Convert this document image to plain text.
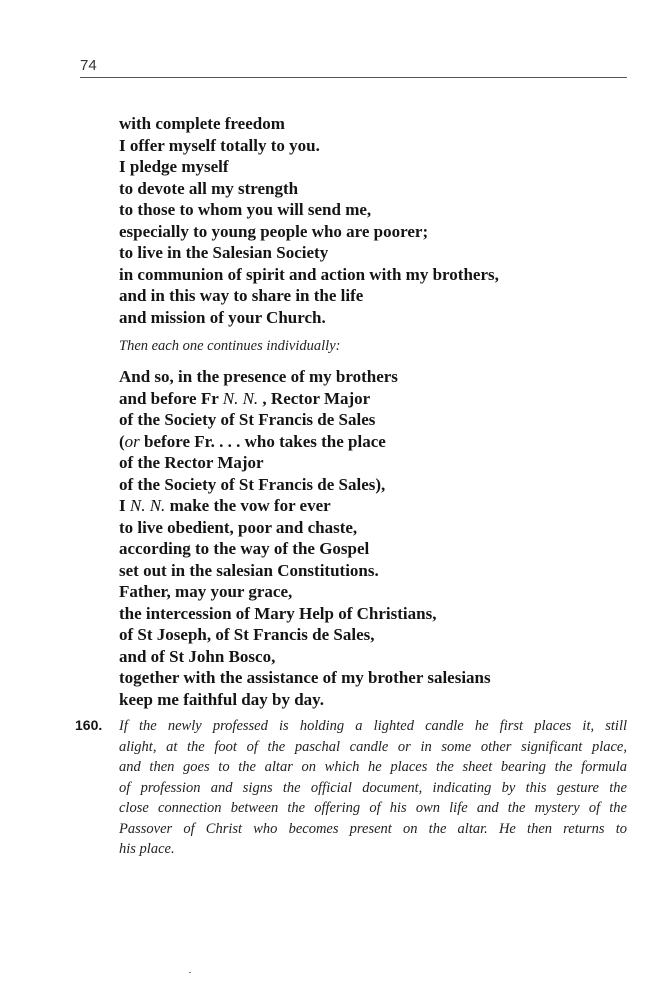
74
with complete freedom
I offer myself totally to you.
I pledge myself
to devote all my strength
to those to whom you will send me,
especially to young people who are poorer;
to live in the Salesian Society
in communion of spirit and action with my brothers,
and in this way to share in the life
and mission of your Church.
Then each one continues individually:
And so, in the presence of my brothers
and before Fr N. N. , Rector Major
of the Society of St Francis de Sales
(or before Fr. . . . who takes the place
of the Rector Major
of the Society of St Francis de Sales),
I N. N. make the vow for ever
to live obedient, poor and chaste,
according to the way of the Gospel
set out in the salesian Constitutions.
Father, may your grace,
the intercession of Mary Help of Christians,
of St Joseph, of St Francis de Sales,
and of St John Bosco,
together with the assistance of my brother salesians
keep me faithful day by day.
160. If the newly professed is holding a lighted candle he first places it, still
alight, at the foot of the paschal candle or in some other significant place,
and then goes to the altar on which he places the sheet bearing the formula
of profession and signs the official document, indicating by this gesture the
close connection between the offering of his own life and the mystery of the
Passover of Christ who becomes present on the altar. He then returns to
his place.
